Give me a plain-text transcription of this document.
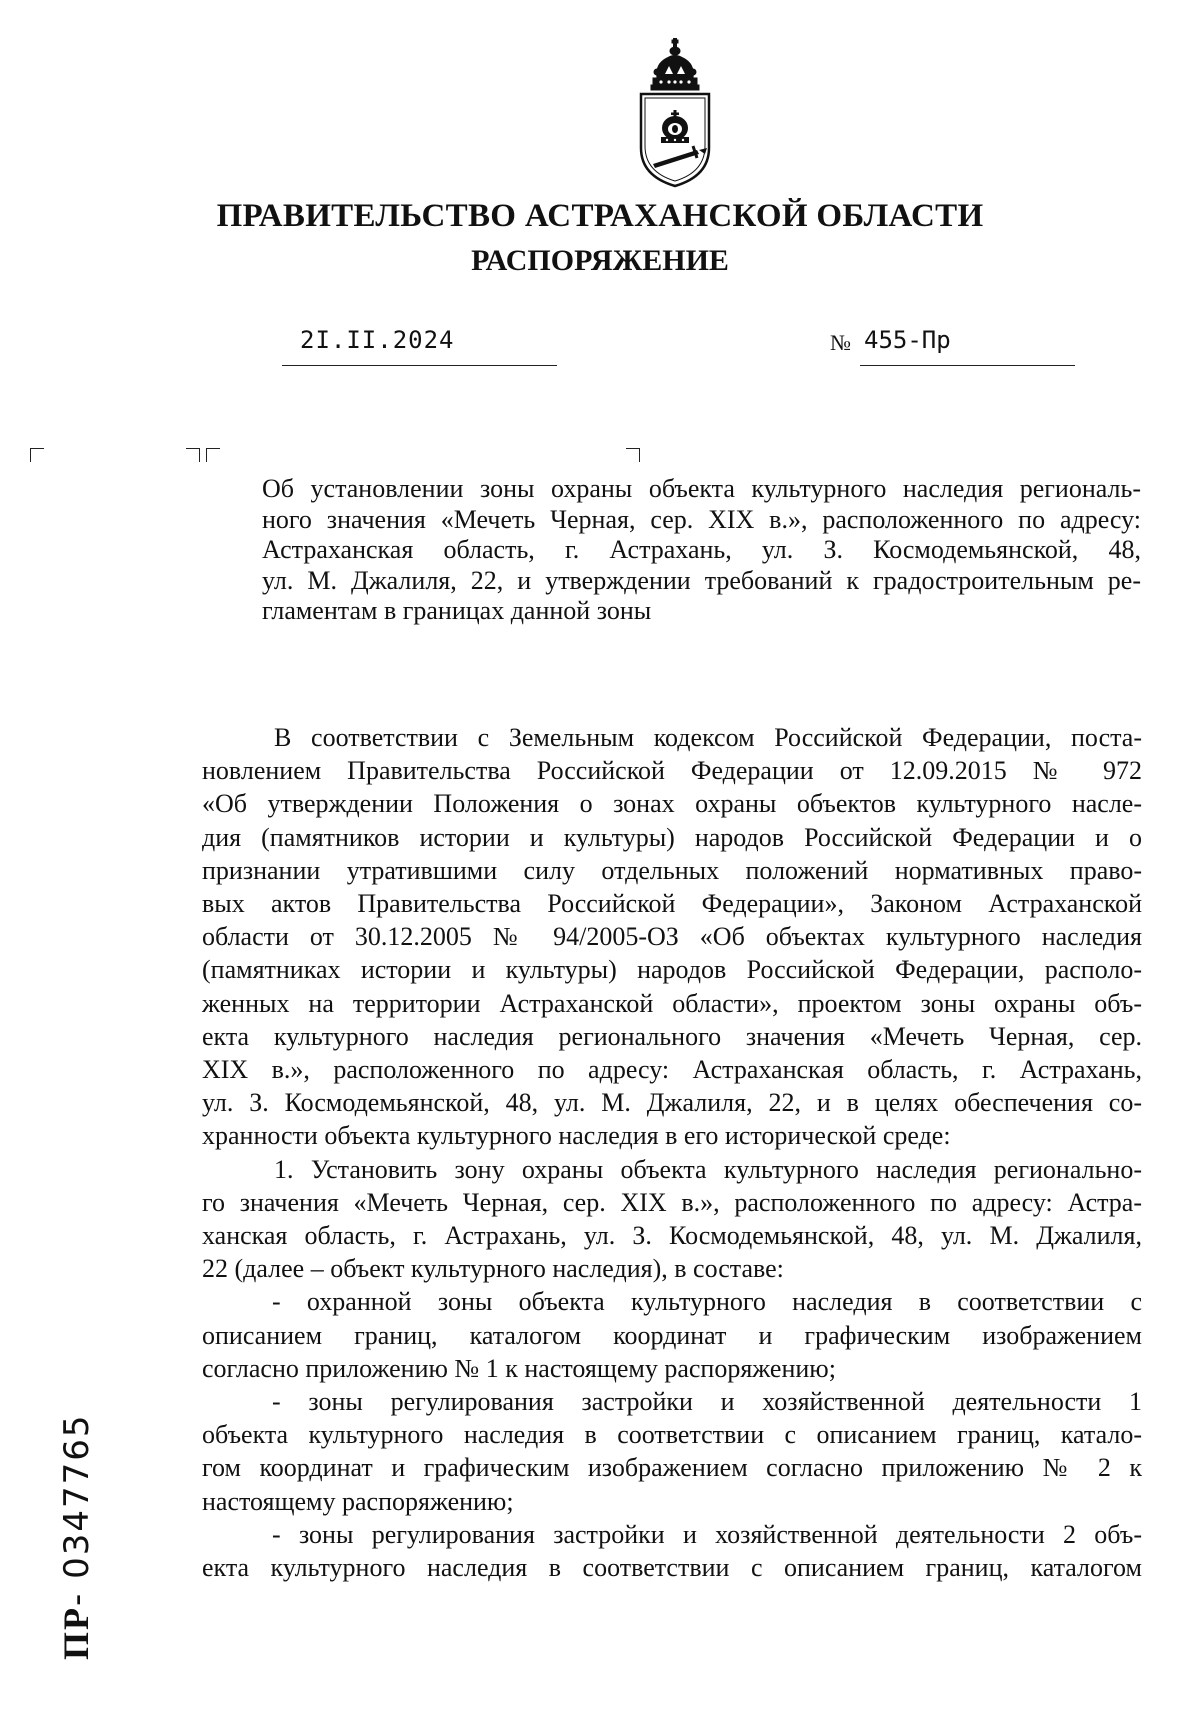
ПРАВИТЕЛЬСТВО АСТРАХАНСКОЙ ОБЛАСТИ
РАСПОРЯЖЕНИЕ
2I.II.2024	№ 455-Пр
Об установлении зоны охраны объекта культурного наследия региональ-
ного значения «Мечеть Черная, сер. XIX в.», расположенного по адресу:
Астраханская область, г. Астрахань, ул. З. Космодемьянской, 48,
ул. М. Джалиля, 22, и утверждении требований к градостроительным ре-
гламентам в границах данной зоны
В соответствии с Земельным кодексом Российской Федерации, поста-
новлением Правительства Российской Федерации от 12.09.2015 № 972
«Об утверждении Положения о зонах охраны объектов культурного насле-
дия (памятников истории и культуры) народов Российской Федерации и о
признании утратившими силу отдельных положений нормативных право-
вых актов Правительства Российской Федерации», Законом Астраханской
области от 30.12.2005 № 94/2005-ОЗ «Об объектах культурного наследия
(памятниках истории и культуры) народов Российской Федерации, располо-
женных на территории Астраханской области», проектом зоны охраны объ-
екта культурного наследия регионального значения «Мечеть Черная, сер.
XIX в.», расположенного по адресу: Астраханская область, г. Астрахань,
ул. З. Космодемьянской, 48, ул. М. Джалиля, 22, и в целях обеспечения со-
хранности объекта культурного наследия в его исторической среде:
1. Установить зону охраны объекта культурного наследия регионально-
го значения «Мечеть Черная, сер. XIX в.», расположенного по адресу: Астра-
ханская область, г. Астрахань, ул. З. Космодемьянской, 48, ул. М. Джалиля,
22 (далее – объект культурного наследия), в составе:
- охранной зоны объекта культурного наследия в соответствии с
описанием границ, каталогом координат и графическим изображением
согласно приложению № 1 к настоящему распоряжению;
- зоны регулирования застройки и хозяйственной деятельности 1
объекта культурного наследия в соответствии с описанием границ, катало-
гом координат и графическим изображением согласно приложению № 2 к
настоящему распоряжению;
- зоны регулирования застройки и хозяйственной деятельности 2 объ-
екта культурного наследия в соответствии с описанием границ, каталогом
ПР- 0347765
